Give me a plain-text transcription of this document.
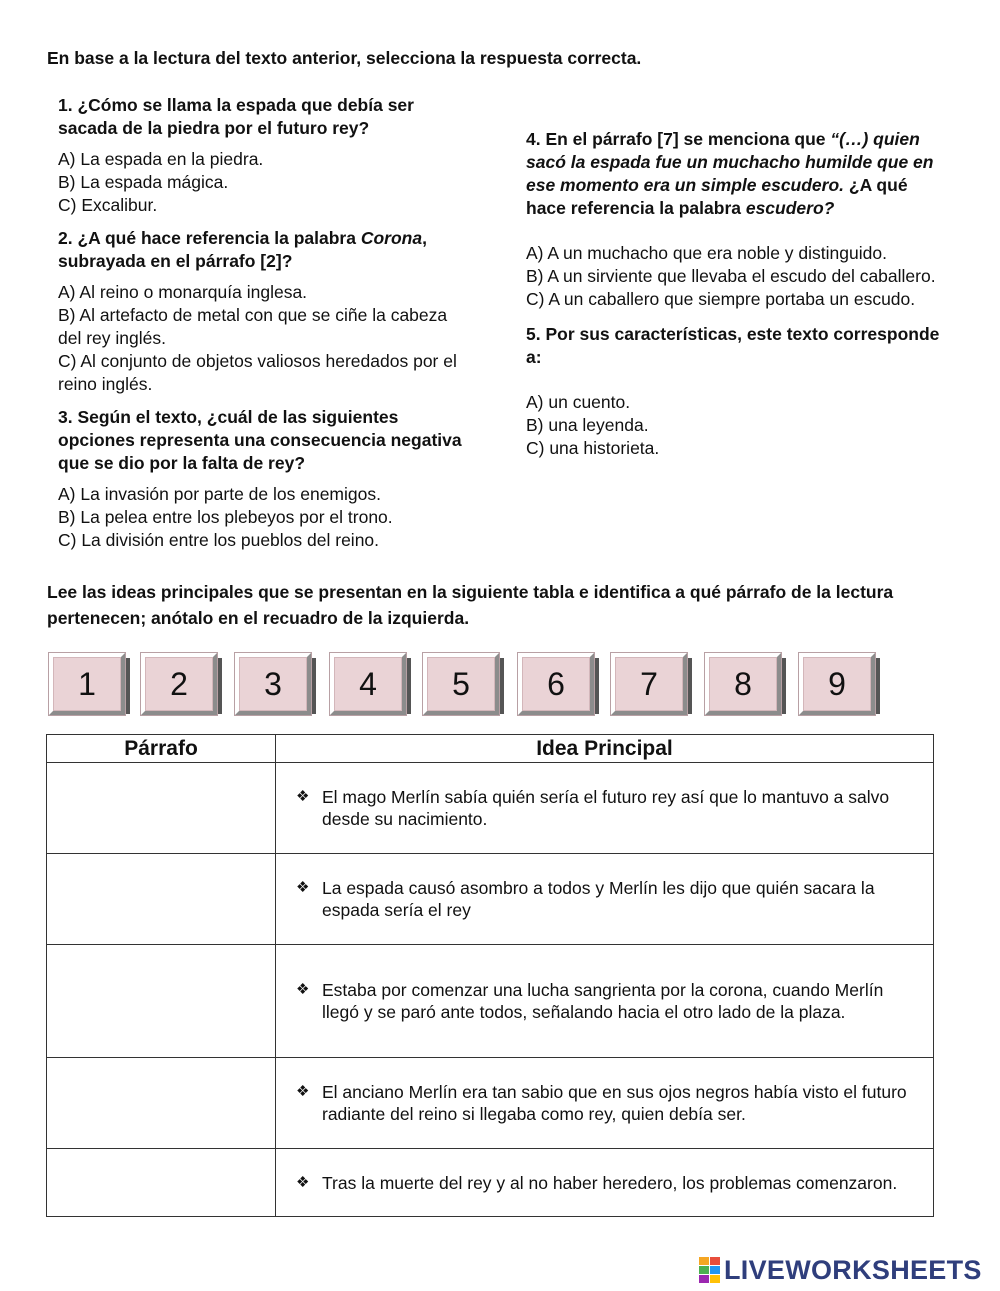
En base a la lectura del texto anterior, selecciona la respuesta correcta.
1. ¿Cómo se llama la espada que debía ser sacada de la piedra por el futuro rey?
A) La espada en la piedra.
B) La espada mágica.
C) Excalibur.
2. ¿A qué hace referencia la palabra Corona, subrayada en el párrafo [2]?
A) Al reino o monarquía inglesa.
B) Al artefacto de metal con que se ciñe la cabeza del rey inglés.
C) Al conjunto de objetos valiosos heredados por el reino inglés.
3. Según el texto, ¿cuál de las siguientes opciones representa una consecuencia negativa que se dio por la falta de rey?
A) La invasión por parte de los enemigos.
B) La pelea entre los plebeyos por el trono.
C) La división entre los pueblos del reino.
4. En el párrafo [7] se menciona que “(…) quien sacó la espada fue un muchacho humilde que en ese momento era un simple escudero. ¿A qué hace referencia la palabra escudero?
A) A un muchacho que era noble y distinguido.
B) A un sirviente que llevaba el escudo del caballero.
C) A un caballero que siempre portaba un escudo.
5. Por sus características, este texto corresponde a:
A) un cuento.
B) una leyenda.
C) una historieta.
Lee las ideas principales que se presentan en la siguiente tabla e identifica a qué párrafo de la lectura pertenecen; anótalo en el recuadro de la izquierda.
1	2	3	4	5	6	7	8	9
Párrafo	Idea Principal

	❖ El mago Merlín sabía quién sería el futuro rey así que lo mantuvo a salvo desde su nacimiento.

	❖ La espada causó asombro a todos y Merlín les dijo que quién sacara la espada sería el rey

	❖ Estaba por comenzar una lucha sangrienta por la corona, cuando Merlín llegó y se paró ante todos, señalando hacia el otro lado de la plaza.

	❖ El anciano Merlín era tan sabio que en sus ojos negros había visto el futuro radiante del reino si llegaba como rey, quien debía ser.

	❖ Tras la muerte del rey y al no haber heredero, los problemas comenzaron.
LIVEWORKSHEETS
